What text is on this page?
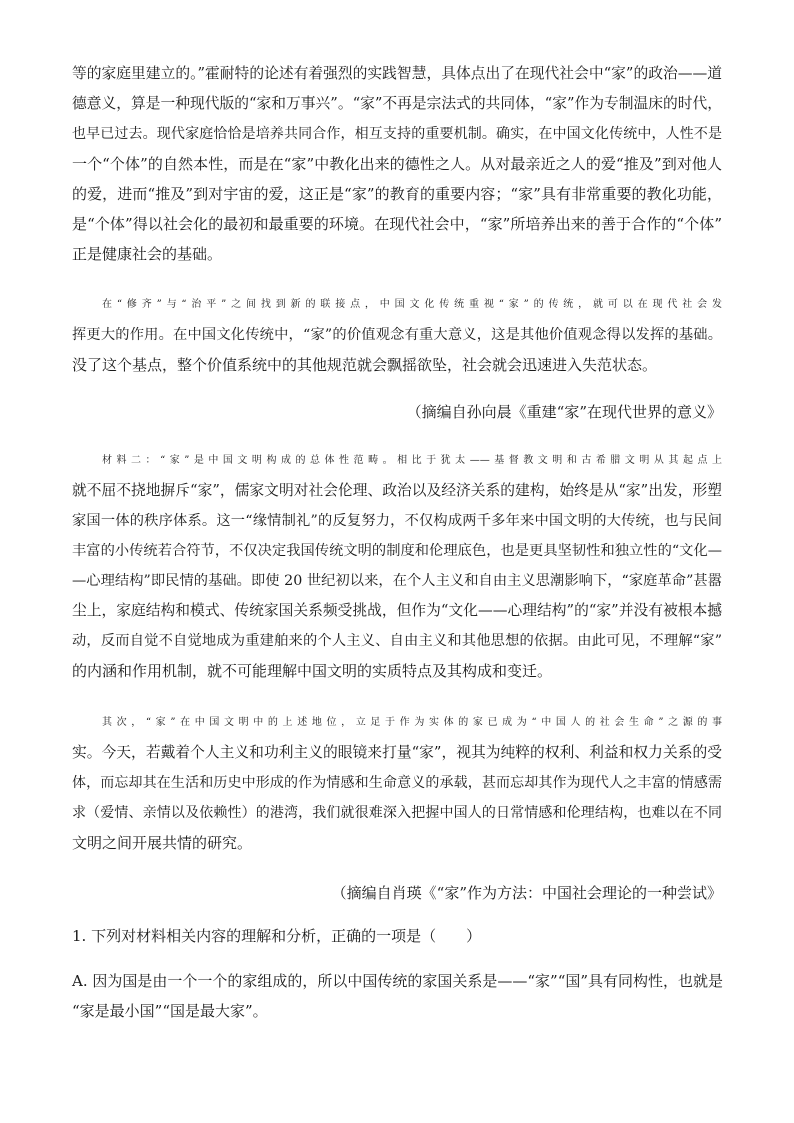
等的家庭里建立的。”霍耐特的论述有着强烈的实践智慧，具体点出了在现代社会中“家”的政治——道
德意义，算是一种现代版的“家和万事兴”。“家”不再是宗法式的共同体，“家”作为专制温床的时代，
也早已过去。现代家庭恰恰是培养共同合作，相互支持的重要机制。确实，在中国文化传统中，人性不是
一个“个体”的自然本性，而是在“家”中教化出来的德性之人。从对最亲近之人的爱“推及”到对他人
的爱，进而“推及”到对宇宙的爱，这正是“家”的教育的重要内容；“家”具有非常重要的教化功能，
是“个体”得以社会化的最初和最重要的环境。在现代社会中，“家”所培养出来的善于合作的“个体”
正是健康社会的基础。
在“修齐”与“治平”之间找到新的联接点，中国文化传统重视“家”的传统，就可以在现代社会发
挥更大的作用。在中国文化传统中，“家”的价值观念有重大意义，这是其他价值观念得以发挥的基础。
没了这个基点，整个价值系统中的其他规范就会飘摇欲坠，社会就会迅速进入失范状态。

（摘编自孙向晨《重建“家”在现代世界的意义》

材料二：“家”是中国文明构成的总体性范畴。相比于犹太——基督教文明和古希腊文明从其起点上
就不屈不挠地摒斥“家”，儒家文明对社会伦理、政治以及经济关系的建构，始终是从“家”出发，形塑
家国一体的秩序体系。这一“缘情制礼”的反复努力，不仅构成两千多年来中国文明的大传统，也与民间
丰富的小传统若合符节，不仅决定我国传统文明的制度和伦理底色，也是更具坚韧性和独立性的“文化—
—心理结构”即民情的基础。即使 20 世纪初以来，在个人主义和自由主义思潮影响下，“家庭革命”甚嚣
尘上，家庭结构和模式、传统家国关系频受挑战，但作为“文化——心理结构”的“家”并没有被根本撼
动，反而自觉不自觉地成为重建舶来的个人主义、自由主义和其他思想的依据。由此可见，不理解“家”
的内涵和作用机制，就不可能理解中国文明的实质特点及其构成和变迁。
其次，“家”在中国文明中的上述地位，立足于作为实体的家已成为“中国人的社会生命”之源的事
实。今天，若戴着个人主义和功利主义的眼镜来打量“家”，视其为纯粹的权利、利益和权力关系的受
体，而忘却其在生活和历史中形成的作为情感和生命意义的承载，甚而忘却其作为现代人之丰富的情感需
求（爱情、亲情以及依赖性）的港湾，我们就很难深入把握中国人的日常情感和伦理结构，也难以在不同
文明之间开展共情的研究。

（摘编自肖瑛《“家”作为方法：中国社会理论的一种尝试》

1. 下列对材料相关内容的理解和分析，正确的一项是（　　）

A. 因为国是由一个一个的家组成的，所以中国传统的家国关系是——“家”“国”具有同构性，也就是
“家是最小国”“国是最大家”。
